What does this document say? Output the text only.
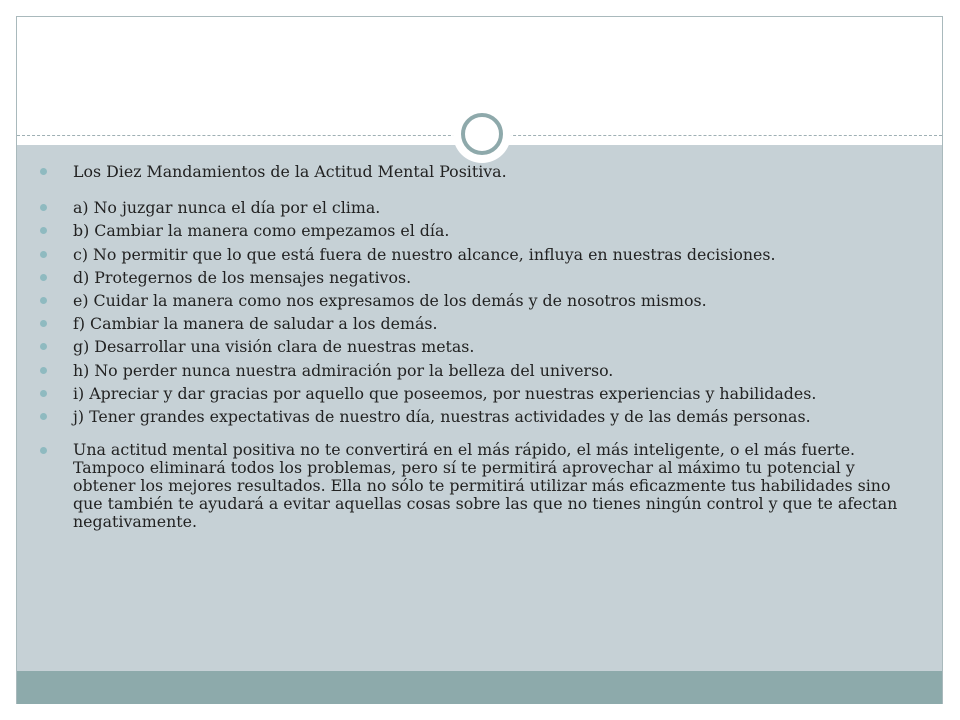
Los Diez Mandamientos de la Actitud Mental Positiva.
a) No juzgar nunca el día por el clima.
b) Cambiar la manera como empezamos el día.
c) No permitir que lo que está fuera de nuestro alcance, influya en nuestras decisiones.
d) Protegernos de los mensajes negativos.
e) Cuidar la manera como nos expresamos de los demás y de nosotros mismos.
f) Cambiar la manera de saludar a los demás.
g) Desarrollar una visión clara de nuestras metas.
h) No perder nunca nuestra admiración por la belleza del universo.
i) Apreciar y dar gracias por aquello que poseemos, por nuestras experiencias y habilidades.
j) Tener grandes expectativas de nuestro día, nuestras actividades y de las demás personas.
Una actitud mental positiva no te convertirá en el más rápido, el más inteligente, o el más fuerte. Tampoco eliminará todos los problemas, pero sí te permitirá aprovechar al máximo tu potencial y obtener los mejores resultados. Ella no sólo te permitirá utilizar más eficazmente tus habilidades sino que también te ayudará a evitar aquellas cosas sobre las que no tienes ningún control y que te afectan negativamente.
